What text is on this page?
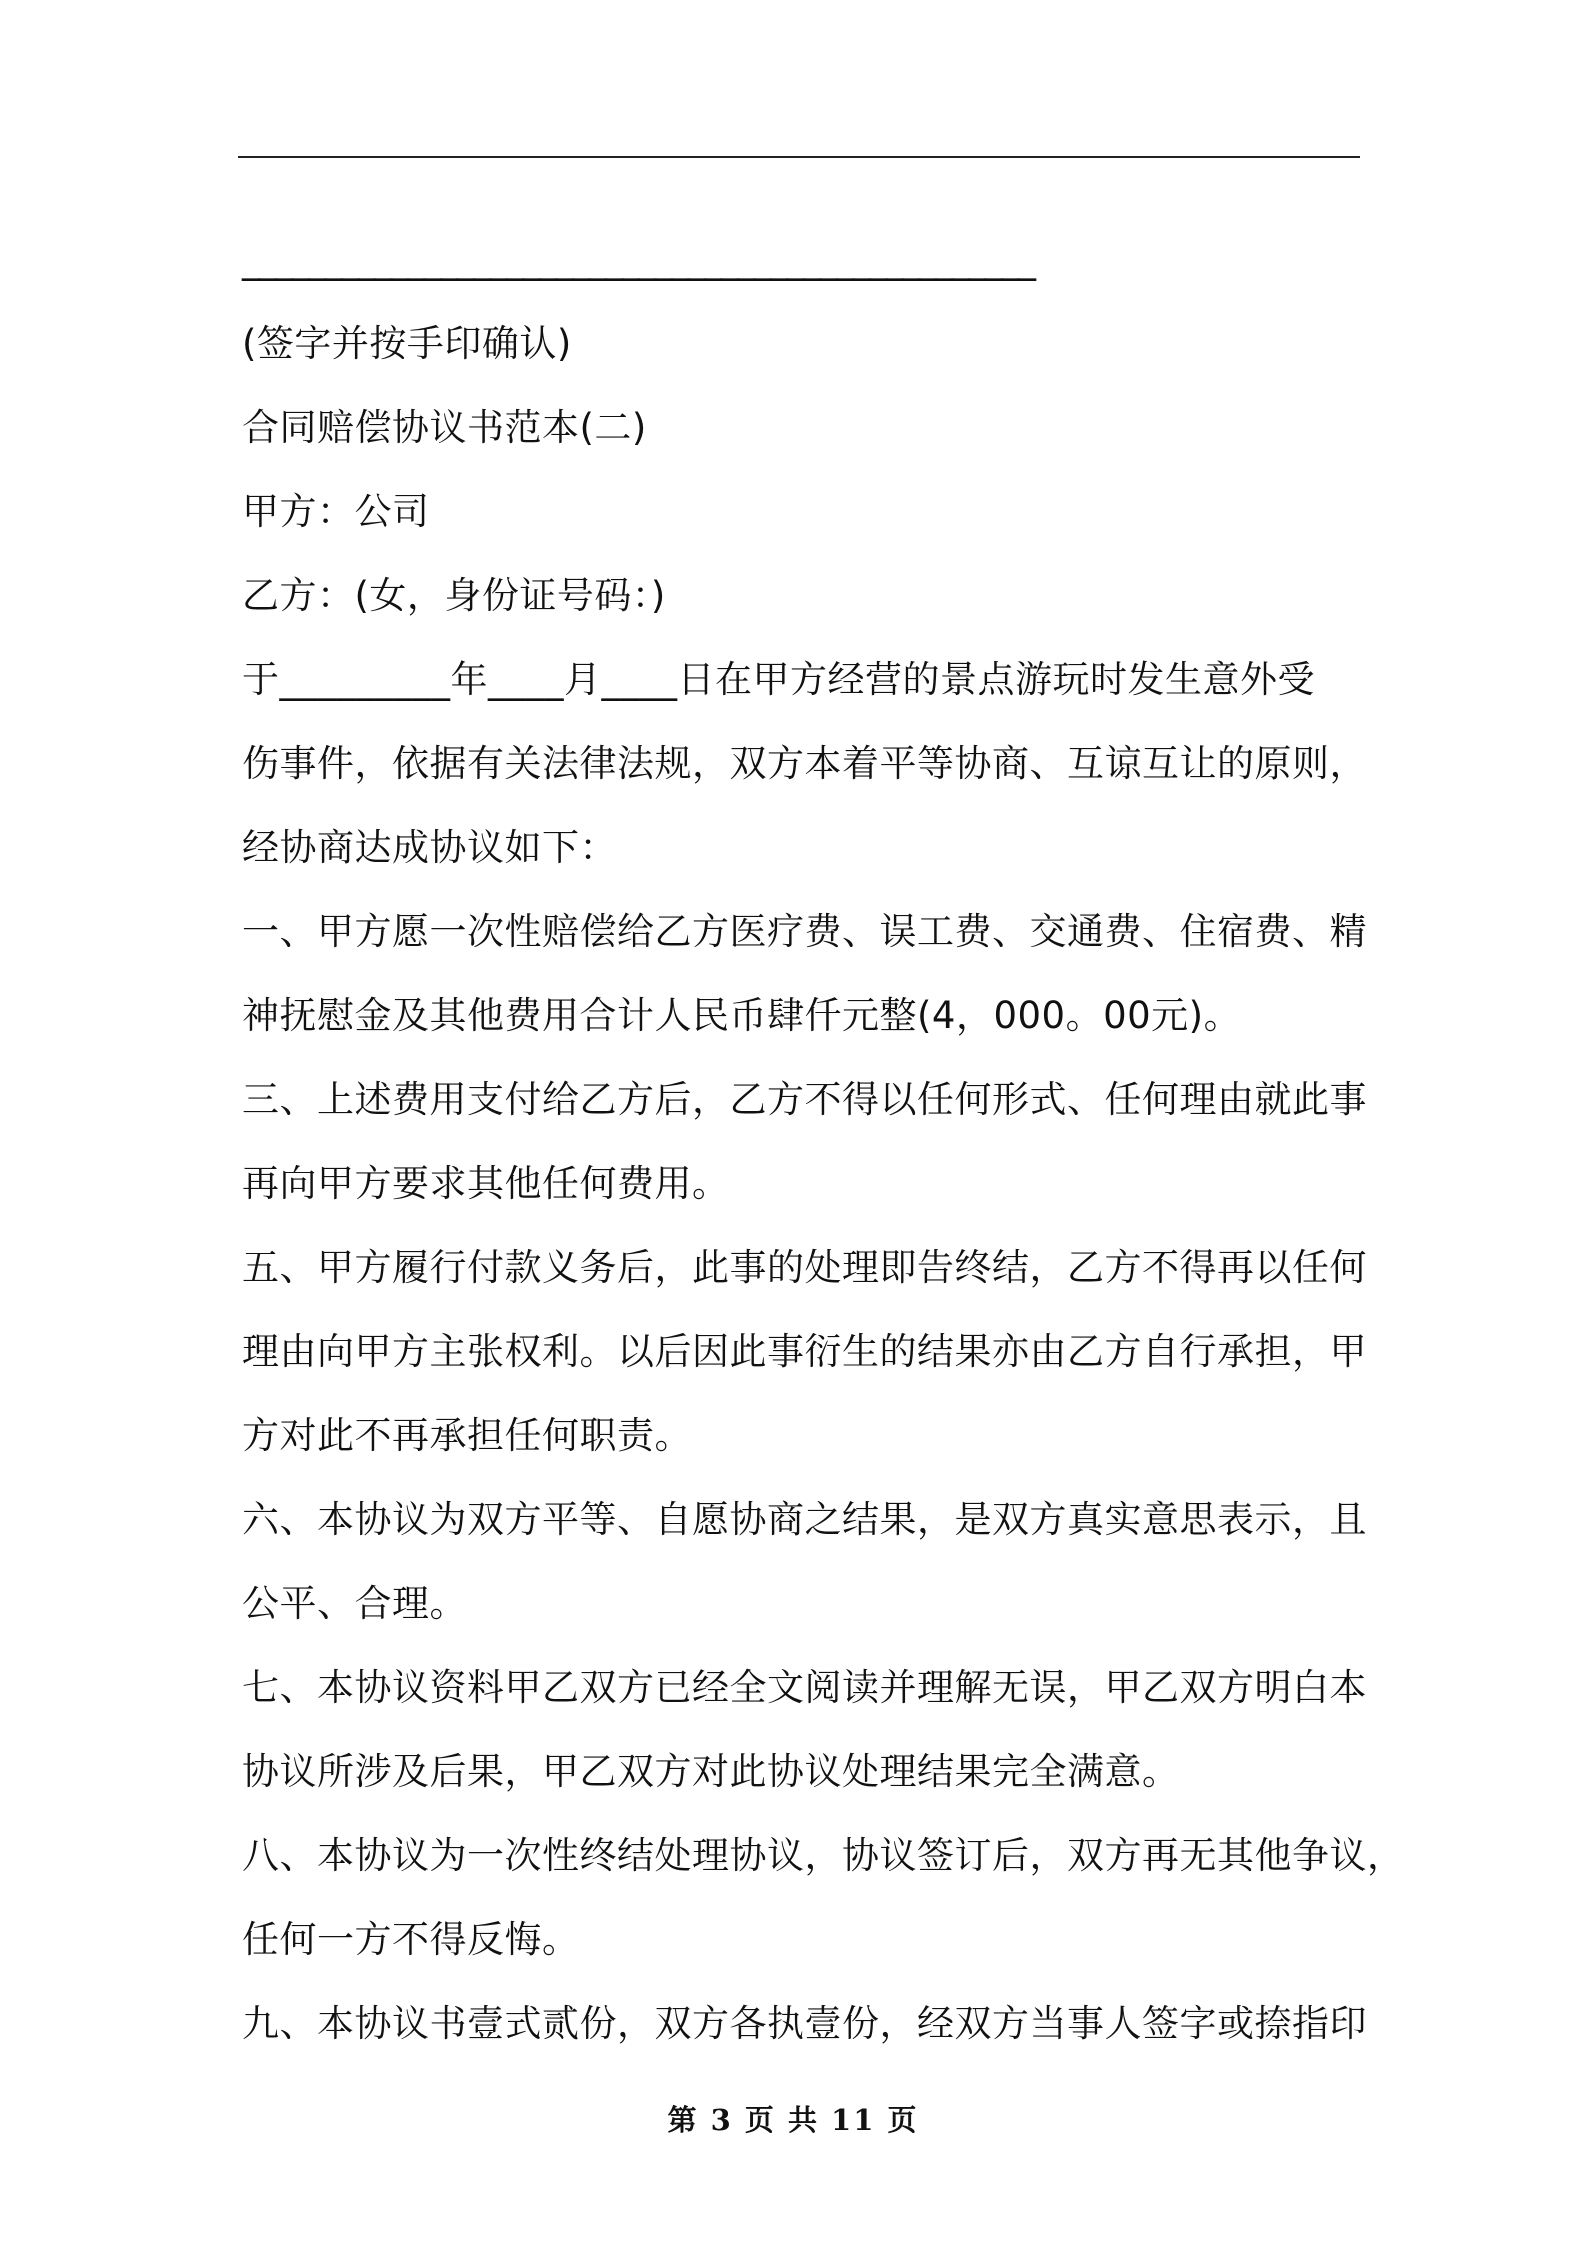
________________________________________________
(签字并按手印确认)
合同赔偿协议书范本(二)
甲方：公司
乙方：(女，身份证号码：)
于_________年____月____日在甲方经营的景点游玩时发生意外受
伤事件，依据有关法律法规，双方本着平等协商、互谅互让的原则，
经协商达成协议如下：
一、甲方愿一次性赔偿给乙方医疗费、误工费、交通费、住宿费、精
神抚慰金及其他费用合计人民币肆仟元整(4，000。00元)。
三、上述费用支付给乙方后，乙方不得以任何形式、任何理由就此事
再向甲方要求其他任何费用。
五、甲方履行付款义务后，此事的处理即告终结，乙方不得再以任何
理由向甲方主张权利。以后因此事衍生的结果亦由乙方自行承担，甲
方对此不再承担任何职责。
六、本协议为双方平等、自愿协商之结果，是双方真实意思表示，且
公平、合理。
七、本协议资料甲乙双方已经全文阅读并理解无误，甲乙双方明白本
协议所涉及后果，甲乙双方对此协议处理结果完全满意。
八、本协议为一次性终结处理协议，协议签订后，双方再无其他争议，
任何一方不得反悔。
九、本协议书壹式贰份，双方各执壹份，经双方当事人签字或捺指印
第 3 页 共 11 页
